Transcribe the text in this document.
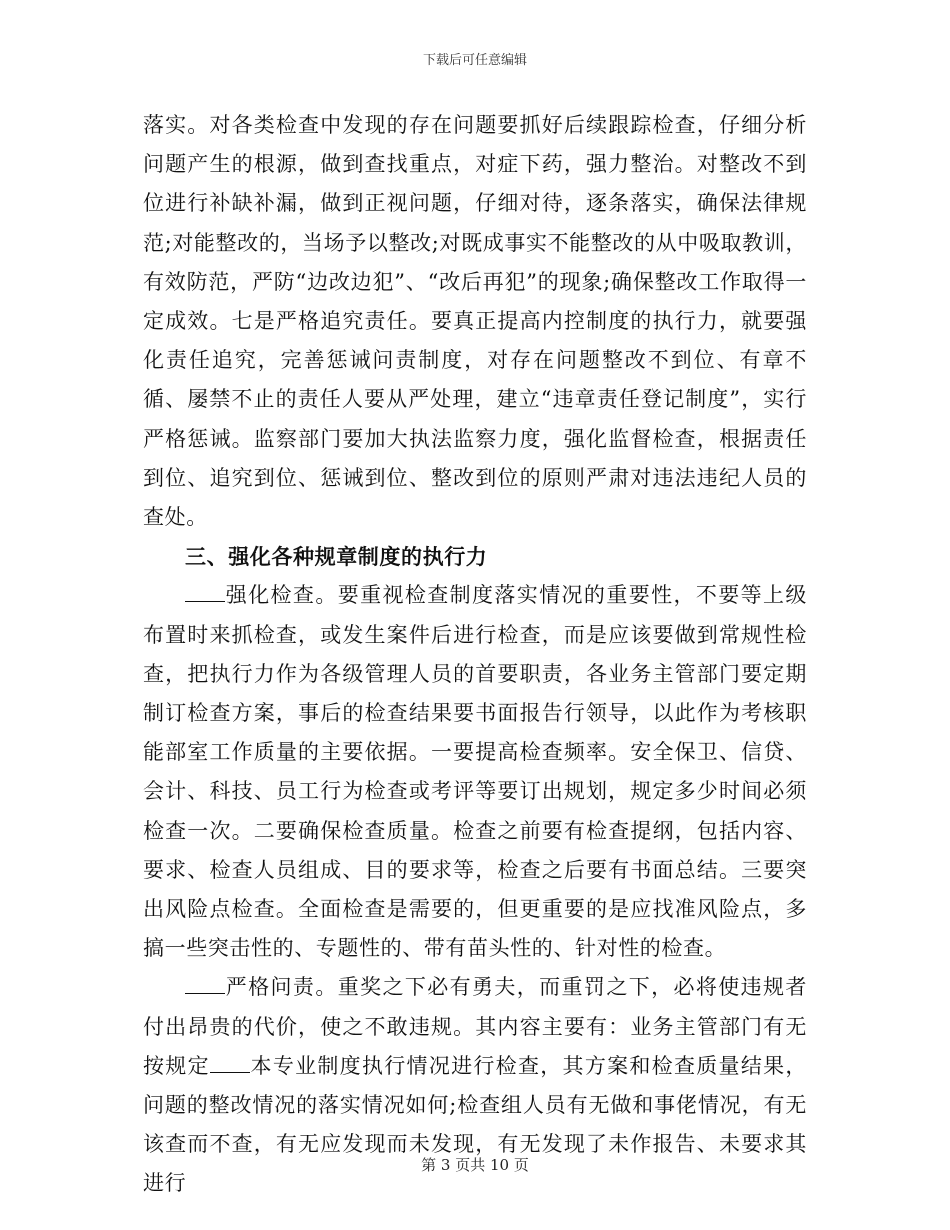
下载后可任意编辑

落实。对各类检查中发现的存在问题要抓好后续跟踪检查，仔细分析问题产生的根源，做到查找重点，对症下药，强力整治。对整改不到位进行补缺补漏，做到正视问题，仔细对待，逐条落实，确保法律规范;对能整改的，当场予以整改;对既成事实不能整改的从中吸取教训，有效防范，严防“边改边犯”、“改后再犯”的现象;确保整改工作取得一定成效。七是严格追究责任。要真正提高内控制度的执行力，就要强化责任追究，完善惩诫问责制度，对存在问题整改不到位、有章不循、屡禁不止的责任人要从严处理，建立“违章责任登记制度”，实行严格惩诫。监察部门要加大执法监察力度，强化监督检查，根据责任到位、追究到位、惩诫到位、整改到位的原则严肃对违法违纪人员的查处。

三、强化各种规章制度的执行力

强化检查。要重视检查制度落实情况的重要性，不要等上级布置时来抓检查，或发生案件后进行检查，而是应该要做到常规性检查，把执行力作为各级管理人员的首要职责，各业务主管部门要定期制订检查方案，事后的检查结果要书面报告行领导，以此作为考核职能部室工作质量的主要依据。一要提高检查频率。安全保卫、信贷、会计、科技、员工行为检查或考评等要订出规划，规定多少时间必须检查一次。二要确保检查质量。检查之前要有检查提纲，包括内容、要求、检查人员组成、目的要求等，检查之后要有书面总结。三要突出风险点检查。全面检查是需要的，但更重要的是应找准风险点，多搞一些突击性的、专题性的、带有苗头性的、针对性的检查。

严格问责。重奖之下必有勇夫，而重罚之下，必将使违规者付出昂贵的代价，使之不敢违规。其内容主要有：业务主管部门有无按规定 本专业制度执行情况进行检查，其方案和检查质量结果，问题的整改情况的落实情况如何;检查组人员有无做和事佬情况，有无该查而不查，有无应发现而未发现，有无发现了未作报告、未要求其进行

第 3 页共 10 页
